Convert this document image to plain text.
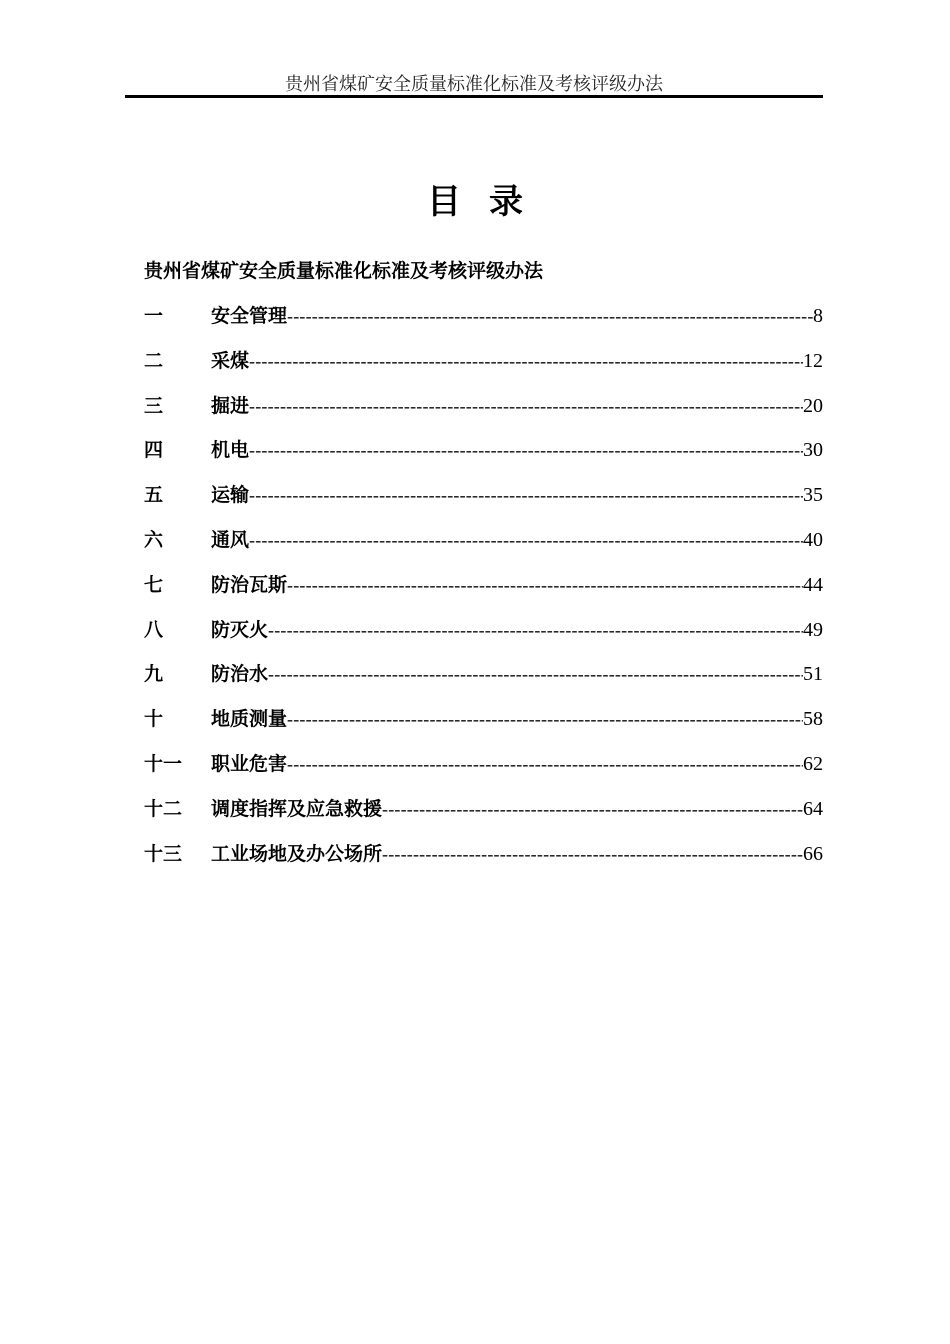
贵州省煤矿安全质量标准化标准及考核评级办法
目录
贵州省煤矿安全质量标准化标准及考核评级办法
一	安全管理 -----	8
二	采煤 -----	12
三	掘进 -----	20
四	机电 -----	30
五	运输 -----	35
六	通风 -----	40
七	防治瓦斯 -----	44
八	防灭火 -----	49
九	防治水 -----	51
十	地质测量 -----	58
十一	职业危害 -----	62
十二	调度指挥及应急救援 -----	64
十三	工业场地及办公场所 -----	66
